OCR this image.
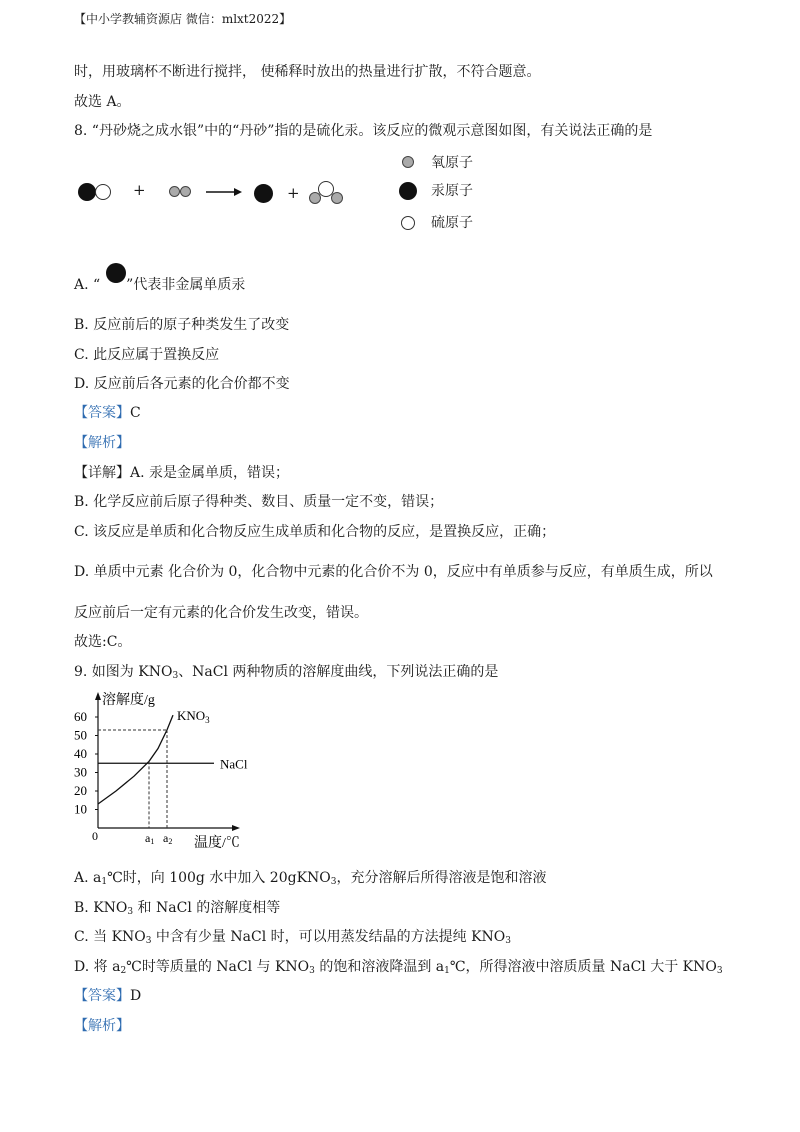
【中小学教辅资源店 微信：mlxt2022】
时，用玻璃杯不断进行搅拌， 使稀释时放出的热量进行扩散，不符合题意。
故选 A。
8. “丹砂烧之成水银”中的“丹砂”指的是硫化汞。该反应的微观示意图如图，有关说法正确的是
+	+
氧原子
汞原子
硫原子
A. “ ”代表非金属单质汞
B. 反应前后的原子种类发生了改变
C. 此反应属于置换反应
D. 反应前后各元素的化合价都不变
【答案】C
【解析】
【详解】A. 汞是金属单质，错误；
B. 化学反应前后原子得种类、数目、质量一定不变，错误；
C. 该反应是单质和化合物反应生成单质和化合物的反应，是置换反应，正确；
D. 单质中元素 化合价为 0，化合物中元素的化合价不为 0，反应中有单质参与反应，有单质生成，所以
反应前后一定有元素的化合价发生改变，错误。
故选:C。
9. 如图为 $KNO_3$、NaCl 两种物质的溶解度曲线，下列说法正确的是
溶解度/g
温度/℃
0
10
20
30
40
50
60	$KNO_3$
NaCl
a1 a2
A. $a_1℃$时，向 100g 水中加入 20gKNO$_3$，充分溶解后所得溶液是饱和溶液
B. $KNO_3$ 和 NaCl 的溶解度相等
C. 当 $KNO_3$ 中含有少量 NaCl 时，可以用蒸发结晶的方法提纯 $KNO_3$
D. 将 $a_2℃$时等质量的 NaCl 与 $KNO_3$ 的饱和溶液降温到 $a_1℃$，所得溶液中溶质质量 NaCl 大于 $KNO_3$
【答案】D
【解析】
